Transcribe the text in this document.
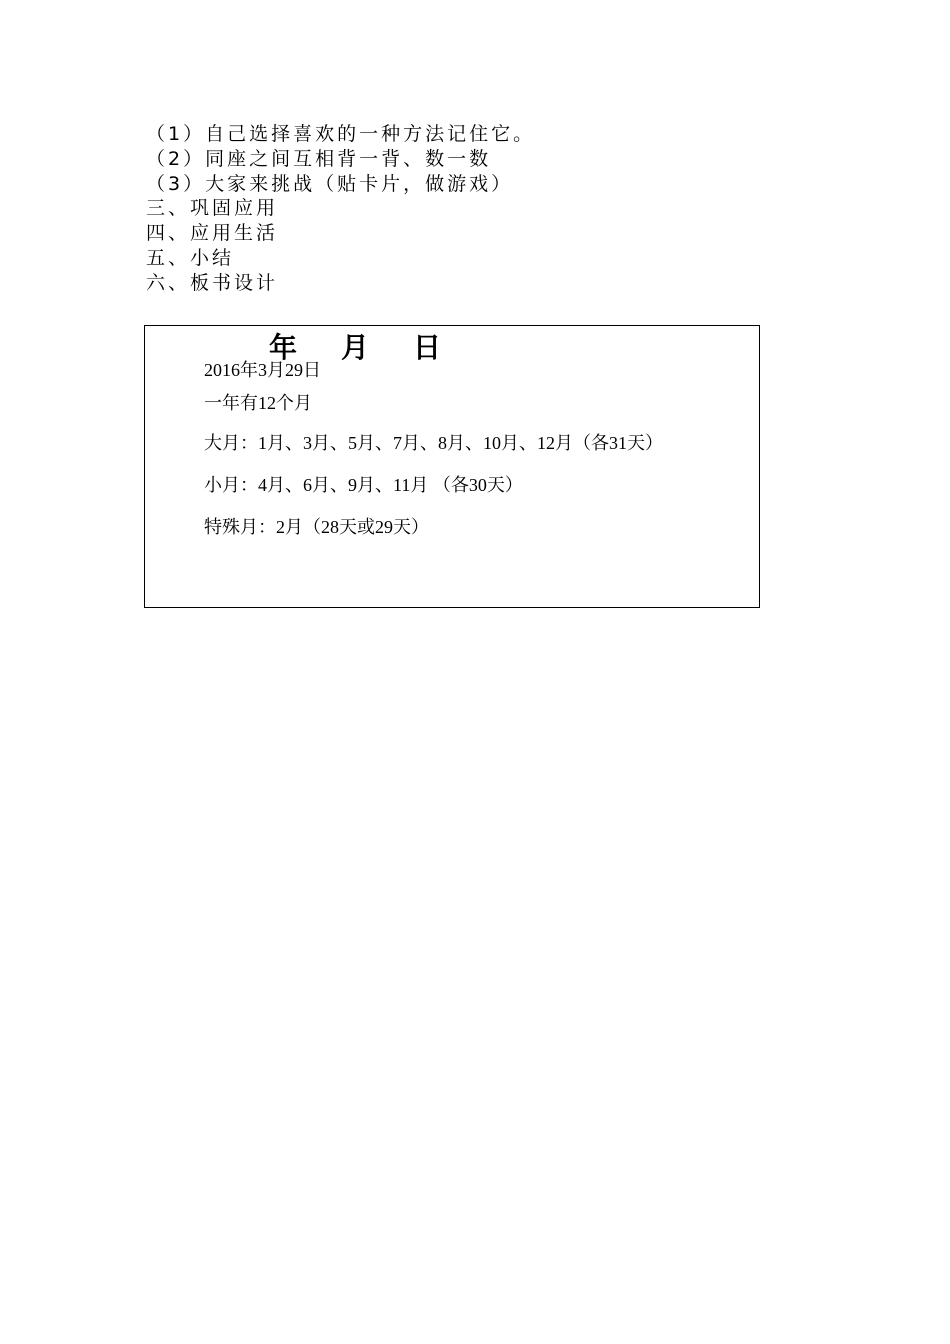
（1）自己选择喜欢的一种方法记住它。
（2）同座之间互相背一背、数一数
（3）大家来挑战（贴卡片，做游戏）
三、巩固应用
四、应用生活
五、小结
六、板书设计
年 月 日
2016年3月29日
一年有12个月
大月：1月、3月、5月、7月、8月、10月、12月（各31天）
小月：4月、6月、9月、11月 （各30天）
特殊月：2月（28天或29天）
